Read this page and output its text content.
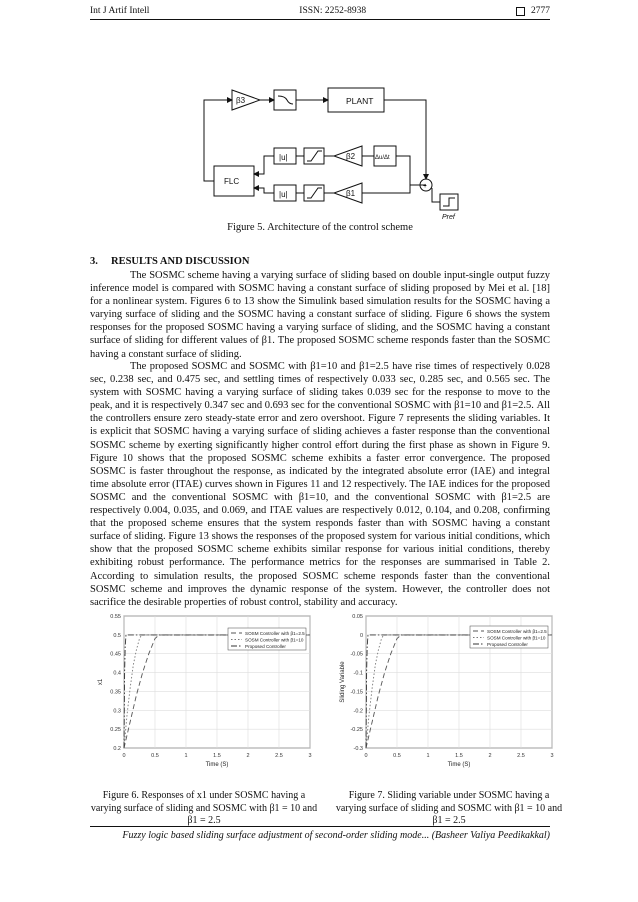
Int J Artif Intell	ISSN: 2252-8938	2777
β3	PLANT
|u|
|u|
β2
β1
Δu/Δt
FLC
+
Pref
Figure 5. Architecture of the control scheme
3.     RESULTS AND DISCUSSION

The SOSMC scheme having a varying surface of sliding based on double input-single output fuzzy inference model is compared with SOSMC having a constant surface of sliding proposed by Mei et al. [18] for a nonlinear system. Figures 6 to 13 show the Simulink based simulation results for the SOSMC having a varying surface of sliding and the SOSMC having a constant surface of sliding. Figure 6 shows the system responses for the proposed SOSMC having a varying surface of sliding, and the SOSMC having a constant surface of sliding for different values of β1. The proposed SOSMC scheme responds faster than the SOSMC having a constant surface of sliding.

The proposed SOSMC and SOSMC with β1=10 and β1=2.5 have rise times of respectively 0.028 sec, 0.238 sec, and 0.475 sec, and settling times of respectively 0.033 sec, 0.285 sec, and 0.565 sec. The system with SOSMC having a varying surface of sliding takes 0.039 sec for the response to move to the peak, and it is respectively 0.347 sec and 0.693 sec for the conventional SOSMC with β1=10 and β1=2.5. All the controllers ensure zero steady-state error and zero overshoot. Figure 7 represents the sliding variables. It is explicit that SOSMC having a varying surface of sliding achieves a faster response than the conventional SOSMC scheme by exerting significantly higher control effort during the first phase as shown in Figure 9. Figure 10 shows that the proposed SOSMC scheme exhibits a faster error convergence. The proposed SOSMC is faster throughout the response, as indicated by the integrated absolute error (IAE) and integral time absolute error (ITAE) curves shown in Figures 11 and 12 respectively. The IAE indices for the proposed SOSMC and the conventional SOSMC with β1=10, and the conventional SOSMC with β1=2.5 are respectively 0.004, 0.035, and 0.069, and ITAE values are respectively 0.012, 0.104, and 0.208, confirming that the proposed scheme ensures that the system responds faster than with SOSMC having a constant surface of sliding. Figure 13 shows the responses of the proposed system for various initial conditions, which show that the proposed SOSMC scheme exhibits similar response for various initial conditions, thereby exhibiting robust performance. The performance metrics for the responses are summarised in Table 2. According to simulation results, the proposed SOSMC scheme responds faster than the conventional SOSMC scheme and improves the dynamic response of the system. However, the controller does not sacrifice the desirable properties of robust control, stability and accuracy.

0	0.5	1	1.5	2	2.5	3
0.2
0.25
0.3
0.35
0.4
0.45
0.5
0.55
Time (S)
x1
SOSM Controller with β1=2.5
SOSM Controller with β1=10
Proposed Controller
0	0.5	1	1.5	2	2.5	3
-0.3
-0.25
-0.2
-0.15
-0.1
-0.05
0
0.05
Time (S)
Sliding Variable
SOSM Controller with β1=2.5
SOSM Controller with β1=10
Proposed Controller
Figure 6. Responses of x1 under SOSMC having a varying surface of sliding and SOSMC with β1 = 10 and β1 = 2.5
Figure 7. Sliding variable under SOSMC having a varying surface of sliding and SOSMC with β1 = 10 and β1 = 2.5
Fuzzy logic based sliding surface adjustment of second-order sliding mode... (Basheer Valiya Peedikakkal)
